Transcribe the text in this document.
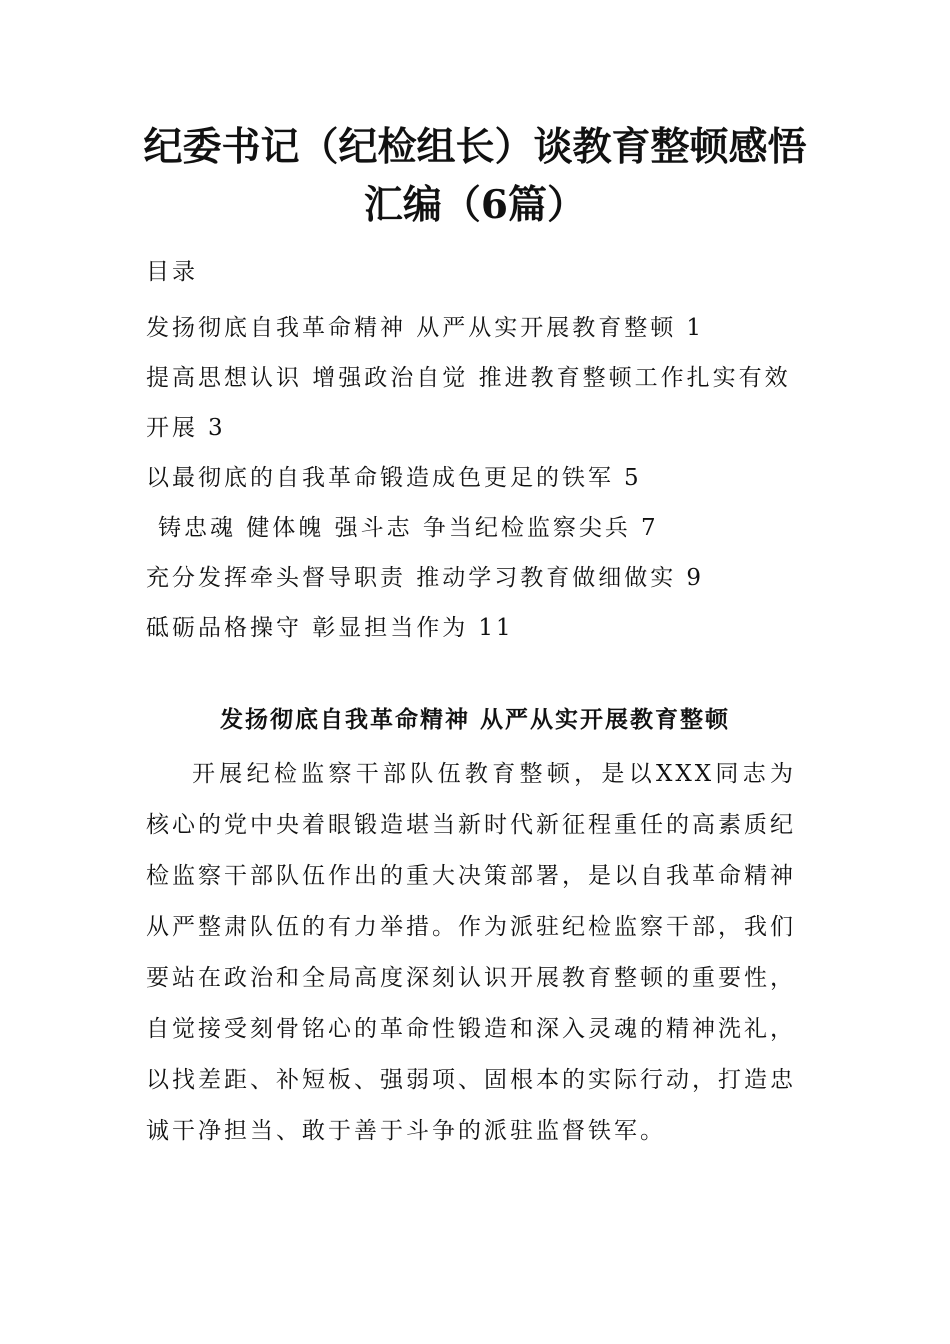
纪委书记（纪检组长）谈教育整顿感悟汇编（6篇）
目录
发扬彻底自我革命精神 从严从实开展教育整顿 1
提高思想认识 增强政治自觉 推进教育整顿工作扎实有效开展 3
以最彻底的自我革命锻造成色更足的铁军 5
铸忠魂 健体魄 强斗志 争当纪检监察尖兵 7
充分发挥牵头督导职责 推动学习教育做细做实 9
砥砺品格操守 彰显担当作为 11
发扬彻底自我革命精神 从严从实开展教育整顿

开展纪检监察干部队伍教育整顿，是以XXX同志为核心的党中央着眼锻造堪当新时代新征程重任的高素质纪检监察干部队伍作出的重大决策部署，是以自我革命精神从严整肃队伍的有力举措。作为派驻纪检监察干部，我们要站在政治和全局高度深刻认识开展教育整顿的重要性，自觉接受刻骨铭心的革命性锻造和深入灵魂的精神洗礼，以找差距、补短板、强弱项、固根本的实际行动，打造忠诚干净担当、敢于善于斗争的派驻监督铁军。
